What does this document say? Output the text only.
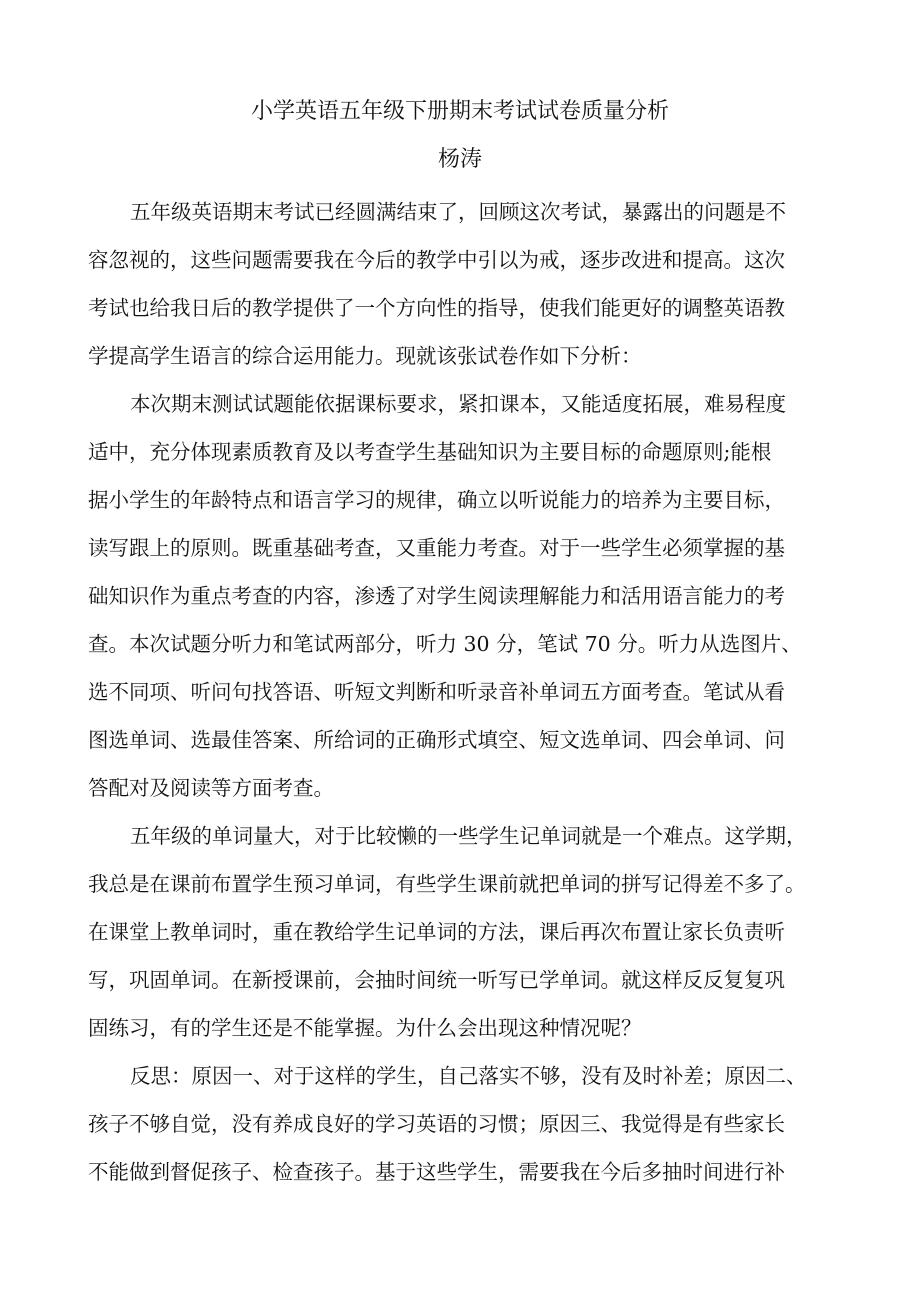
小学英语五年级下册期末考试试卷质量分析
杨涛
五年级英语期末考试已经圆满结束了，回顾这次考试，暴露出的问题是不
容忽视的，这些问题需要我在今后的教学中引以为戒，逐步改进和提高。这次
考试也给我日后的教学提供了一个方向性的指导，使我们能更好的调整英语教
学提高学生语言的综合运用能力。现就该张试卷作如下分析：
本次期末测试试题能依据课标要求，紧扣课本，又能适度拓展，难易程度
适中，充分体现素质教育及以考查学生基础知识为主要目标的命题原则;能根
据小学生的年龄特点和语言学习的规律，确立以听说能力的培养为主要目标，
读写跟上的原则。既重基础考查，又重能力考查。对于一些学生必须掌握的基
础知识作为重点考查的内容，渗透了对学生阅读理解能力和活用语言能力的考
查。本次试题分听力和笔试两部分，听力 30 分，笔试 70 分。听力从选图片、
选不同项、听问句找答语、听短文判断和听录音补单词五方面考查。笔试从看
图选单词、选最佳答案、所给词的正确形式填空、短文选单词、四会单词、问
答配对及阅读等方面考查。
五年级的单词量大，对于比较懒的一些学生记单词就是一个难点。这学期，
我总是在课前布置学生预习单词，有些学生课前就把单词的拼写记得差不多了。
在课堂上教单词时，重在教给学生记单词的方法，课后再次布置让家长负责听
写，巩固单词。在新授课前，会抽时间统一听写已学单词。就这样反反复复巩
固练习，有的学生还是不能掌握。为什么会出现这种情况呢？
反思：原因一、对于这样的学生，自己落实不够，没有及时补差；原因二、
孩子不够自觉，没有养成良好的学习英语的习惯；原因三、我觉得是有些家长
不能做到督促孩子、检查孩子。基于这些学生，需要我在今后多抽时间进行补
